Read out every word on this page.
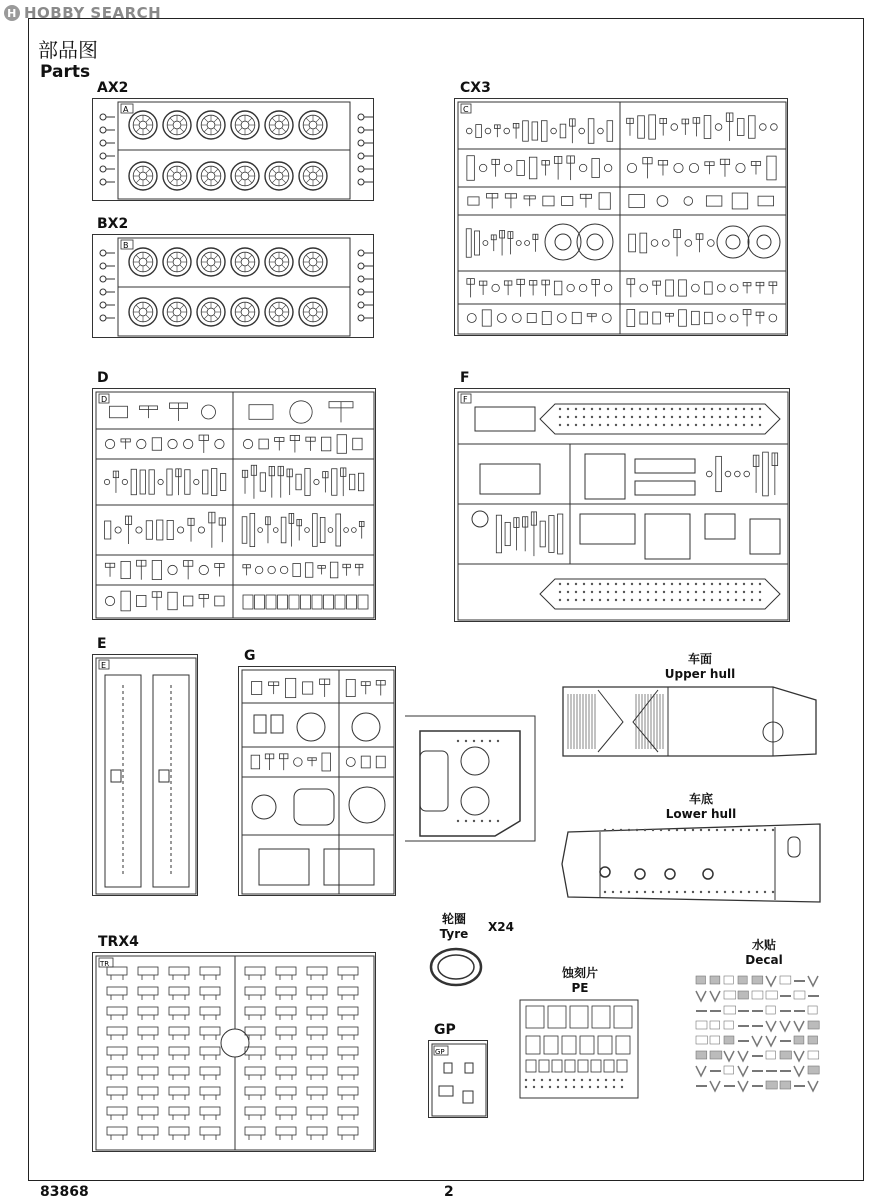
H HOBBY SEARCH
部品图
Parts
AX2
A
BX2
B
CX3
C
D
D
F
F
E
E
G	车面
Upper hull
车底
Lower hull
TRX4
TR
轮圈
Tyre	X24
GP
GP
蚀刻片
PE
水贴
Decal
83868	2
